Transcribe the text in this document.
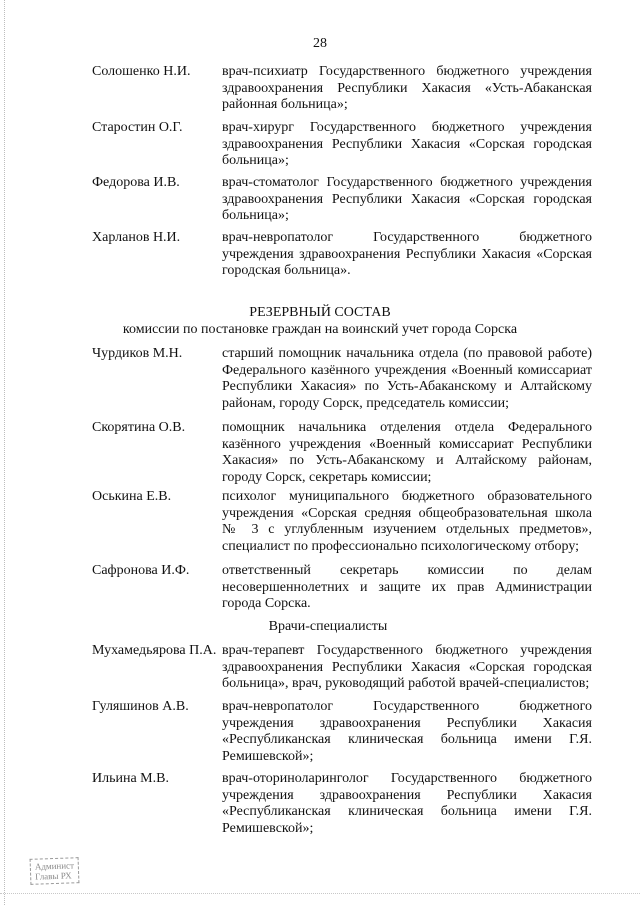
28
Солошенко Н.И. врач-психиатр Государственного бюджетного учреждения здравоохранения Республики Хакасия «Усть-Абаканская районная больница»;
Старостин О.Г.	врач-хирург Государственного бюджетного учреждения здравоохранения Республики Хакасия «Сорская городская больница»;
Федорова И.В.	врач-стоматолог Государственного бюджетного учреждения здравоохранения Республики Хакасия «Сорская городская больница»;
Харланов Н.И.	врач-невропатолог Государственного бюджетного учреждения здравоохранения Республики Хакасия «Сорская городская больница».
РЕЗЕРВНЫЙ СОСТАВ
комиссии по постановке граждан на воинский учет города Сорска
Чурдиков М.Н.	старший помощник начальника отдела (по правовой работе) Федерального казённого учреждения «Военный комиссариат Республики Хакасия» по Усть-Абаканскому и Алтайскому районам, городу Сорск, председатель комиссии;
Скорятина О.В.	помощник начальника отделения отдела Федерального казённого учреждения «Военный комиссариат Республики Хакасия» по Усть-Абаканскому и Алтайскому районам, городу Сорск, секретарь комиссии;
Оськина Е.В.	психолог муниципального бюджетного образовательного учреждения «Сорская средняя общеобразовательная школа № 3 с углубленным изучением отдельных предметов», специалист по профессионально психологическому отбору;
Сафронова И.Ф. ответственный секретарь комиссии по делам несовершеннолетних и защите их прав Администрации города Сорска.
Врачи-специалисты
Мухамедьярова П.А. врач-терапевт Государственного бюджетного учреждения здравоохранения Республики Хакасия «Сорская городская больница», врач, руководящий работой врачей-специалистов;
Гуляшинов А.В. врач-невропатолог Государственного бюджетного учреждения здравоохранения Республики Хакасия «Республиканская клиническая больница имени Г.Я. Ремишевской»;
Ильина М.В.	врач-оториноларинголог Государственного бюджетного учреждения здравоохранения Республики Хакасия «Республиканская клиническая больница имени Г.Я. Ремишевской»;
Админист
Главы РХ
